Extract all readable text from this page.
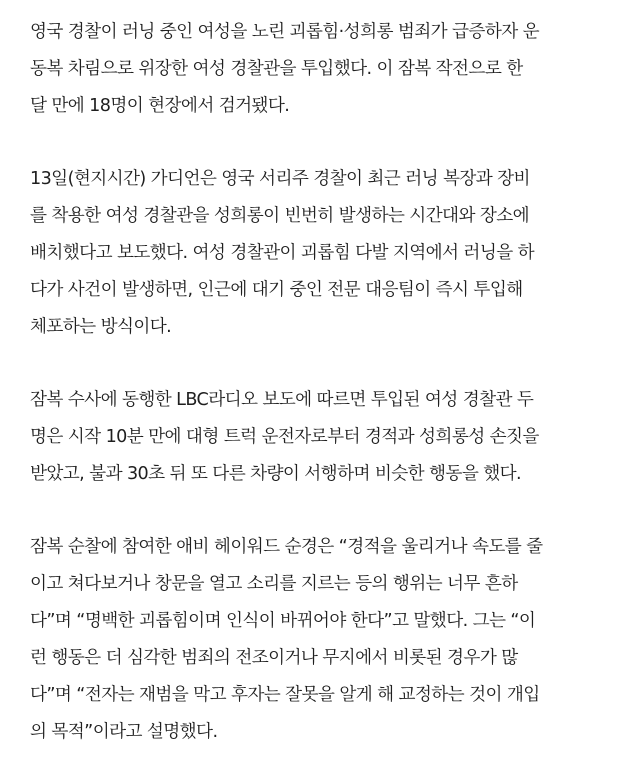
영국 경찰이 러닝 중인 여성을 노린 괴롭힘·성희롱 범죄가 급증하자 운
동복 차림으로 위장한 여성 경찰관을 투입했다. 이 잠복 작전으로 한
달 만에 18명이 현장에서 검거됐다.

13일(현지시간) 가디언은 영국 서리주 경찰이 최근 러닝 복장과 장비
를 착용한 여성 경찰관을 성희롱이 빈번히 발생하는 시간대와 장소에
배치했다고 보도했다. 여성 경찰관이 괴롭힘 다발 지역에서 러닝을 하
다가 사건이 발생하면, 인근에 대기 중인 전문 대응팀이 즉시 투입해
체포하는 방식이다.

잠복 수사에 동행한 LBC라디오 보도에 따르면 투입된 여성 경찰관 두
명은 시작 10분 만에 대형 트럭 운전자로부터 경적과 성희롱성 손짓을
받았고, 불과 30초 뒤 또 다른 차량이 서행하며 비슷한 행동을 했다.

잠복 순찰에 참여한 애비 헤이워드 순경은 “경적을 울리거나 속도를 줄
이고 쳐다보거나 창문을 열고 소리를 지르는 등의 행위는 너무 흔하
다”며 “명백한 괴롭힘이며 인식이 바뀌어야 한다”고 말했다. 그는 “이
런 행동은 더 심각한 범죄의 전조이거나 무지에서 비롯된 경우가 많
다”며 “전자는 재범을 막고 후자는 잘못을 알게 해 교정하는 것이 개입
의 목적”이라고 설명했다.
